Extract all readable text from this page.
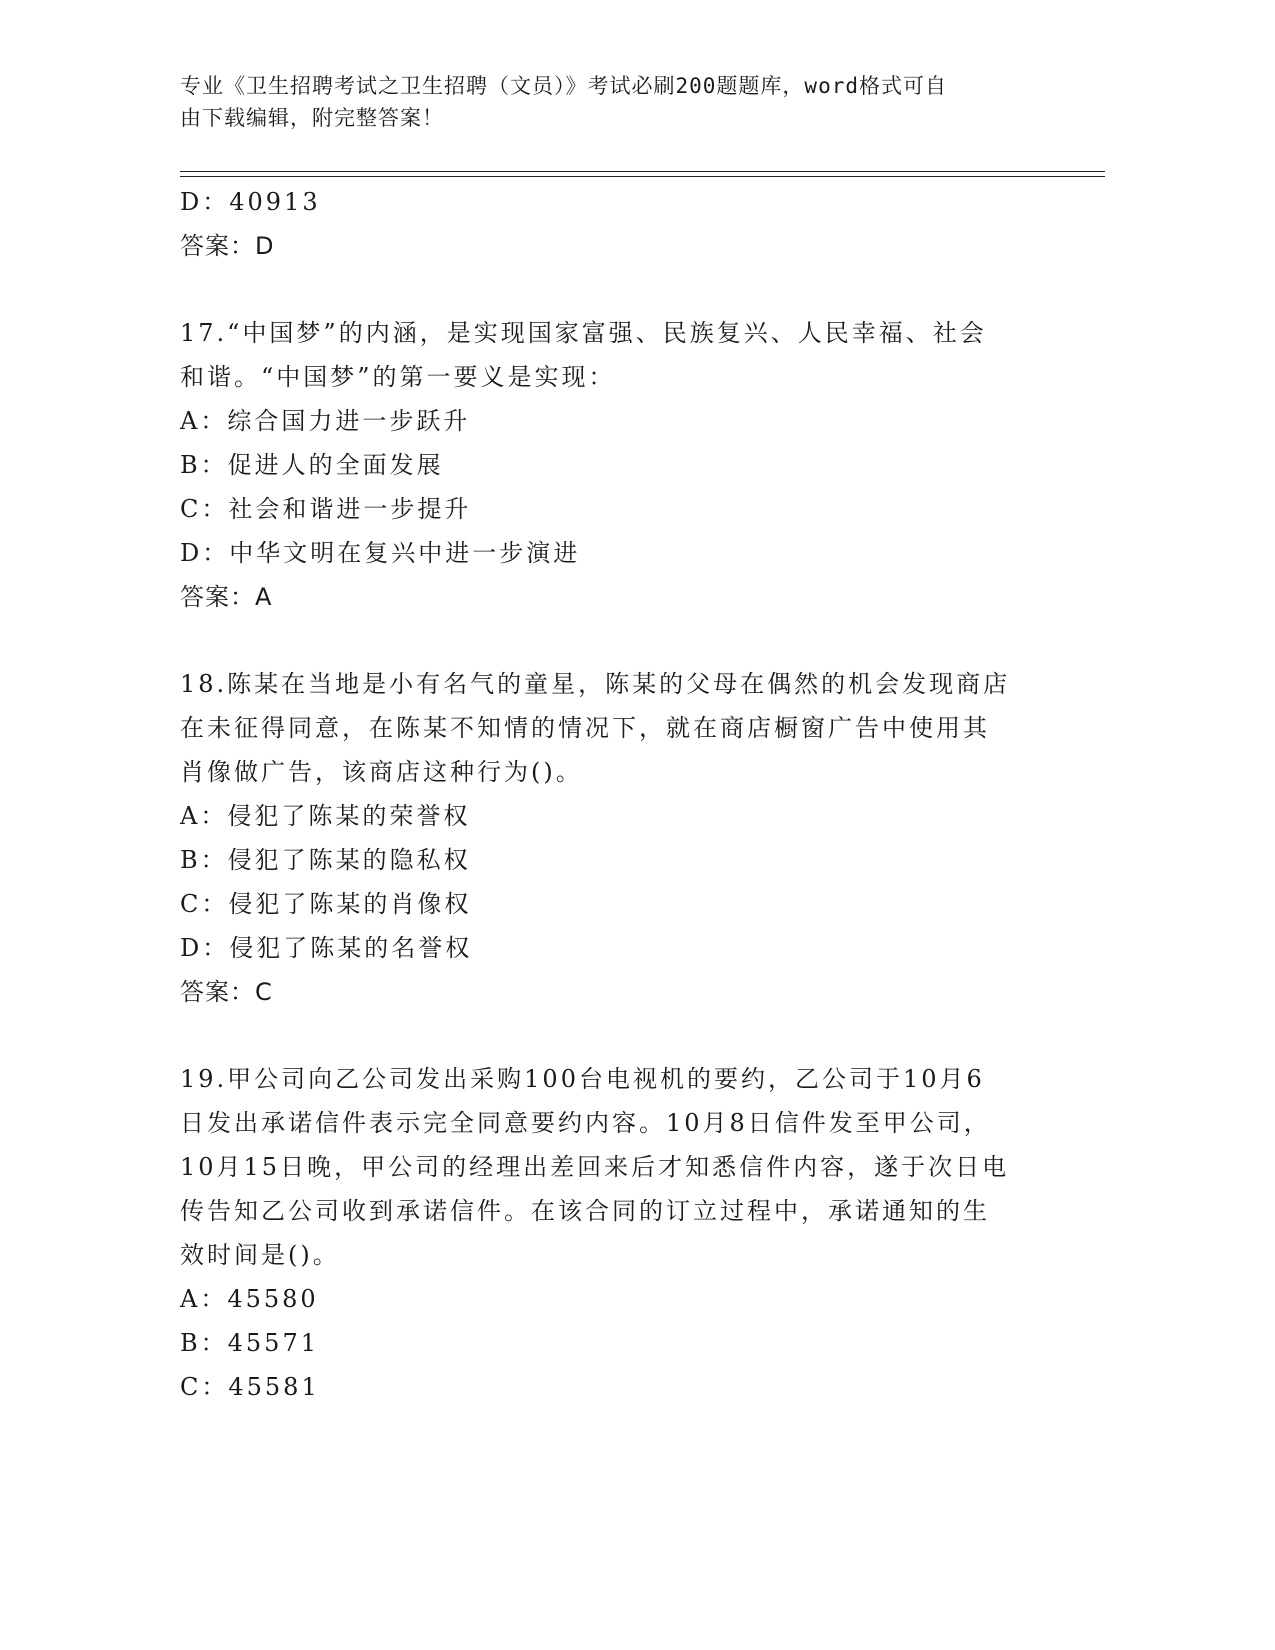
专业《卫生招聘考试之卫生招聘（文员）》考试必刷200题题库，word格式可自
由下载编辑，附完整答案！
D：40913
答案：D
17.“中国梦”的内涵，是实现国家富强、民族复兴、人民幸福、社会
和谐。“中国梦”的第一要义是实现：
A：综合国力进一步跃升
B：促进人的全面发展
C：社会和谐进一步提升
D：中华文明在复兴中进一步演进
答案：A
18.陈某在当地是小有名气的童星，陈某的父母在偶然的机会发现商店
在未征得同意，在陈某不知情的情况下，就在商店橱窗广告中使用其
肖像做广告，该商店这种行为()。
A：侵犯了陈某的荣誉权
B：侵犯了陈某的隐私权
C：侵犯了陈某的肖像权
D：侵犯了陈某的名誉权
答案：C
19.甲公司向乙公司发出采购100台电视机的要约，乙公司于10月6
日发出承诺信件表示完全同意要约内容。10月8日信件发至甲公司，
10月15日晚，甲公司的经理出差回来后才知悉信件内容，遂于次日电
传告知乙公司收到承诺信件。在该合同的订立过程中，承诺通知的生
效时间是()。
A：45580
B：45571
C：45581
